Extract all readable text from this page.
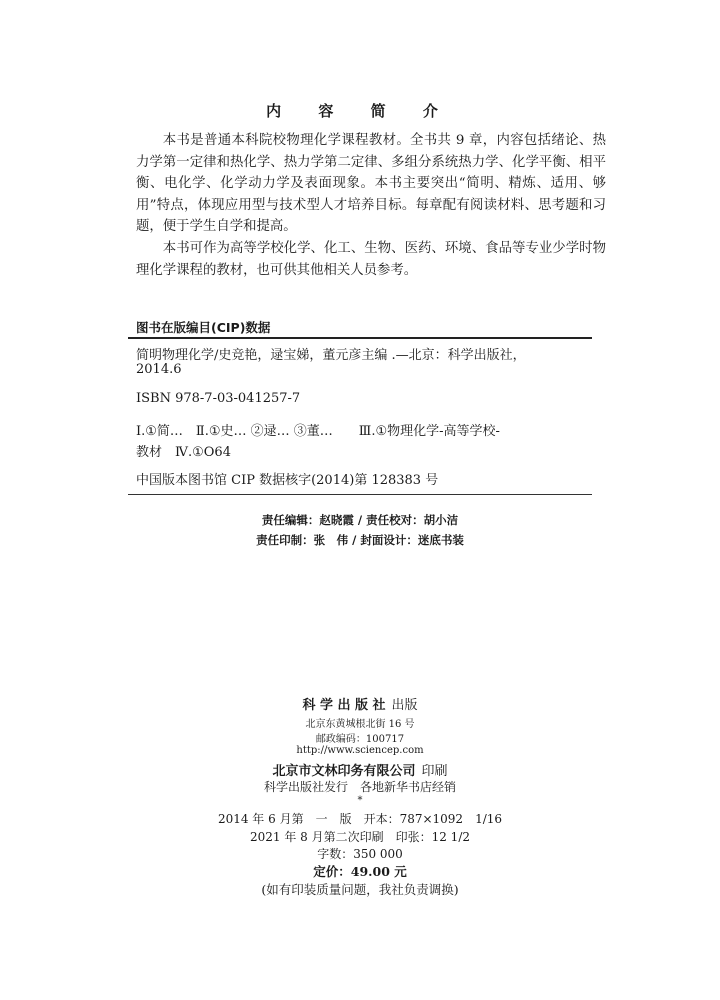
内 容 简 介

本书是普通本科院校物理化学课程教材。全书共 9 章，内容包括绪论、热力学第一定律和热化学、热力学第二定律、多组分系统热力学、化学平衡、相平衡、电化学、化学动力学及表面现象。本书主要突出“简明、精炼、适用、够用”特点，体现应用型与技术型人才培养目标。每章配有阅读材料、思考题和习题，便于学生自学和提高。

本书可作为高等学校化学、化工、生物、医药、环境、食品等专业少学时物理化学课程的教材，也可供其他相关人员参考。

图书在版编目(CIP)数据
简明物理化学/史竞艳，逯宝娣，董元彦主编 .—北京：科学出版社，
2014.6
ISBN 978-7-03-041257-7
Ⅰ.①简…　Ⅱ.①史… ②逯… ③董…　　Ⅲ.①物理化学-高等学校-
教材　Ⅳ.①O64
中国版本图书馆 CIP 数据核字(2014)第 128383 号
责任编辑：赵晓霞 / 责任校对：胡小洁
责任印制：张　伟 / 封面设计：迷底书装
科 学 出 版 社 出版
北京东黄城根北街 16 号
邮政编码：100717
http://www.sciencep.com
北京市文林印务有限公司 印刷
科学出版社发行　各地新华书店经销
*
2014 年 6 月第　一　版　开本：787×1092　1/16
2021 年 8 月第二次印刷　印张：12 1/2
字数：350 000
定价：49.00 元
(如有印装质量问题，我社负责调换)
